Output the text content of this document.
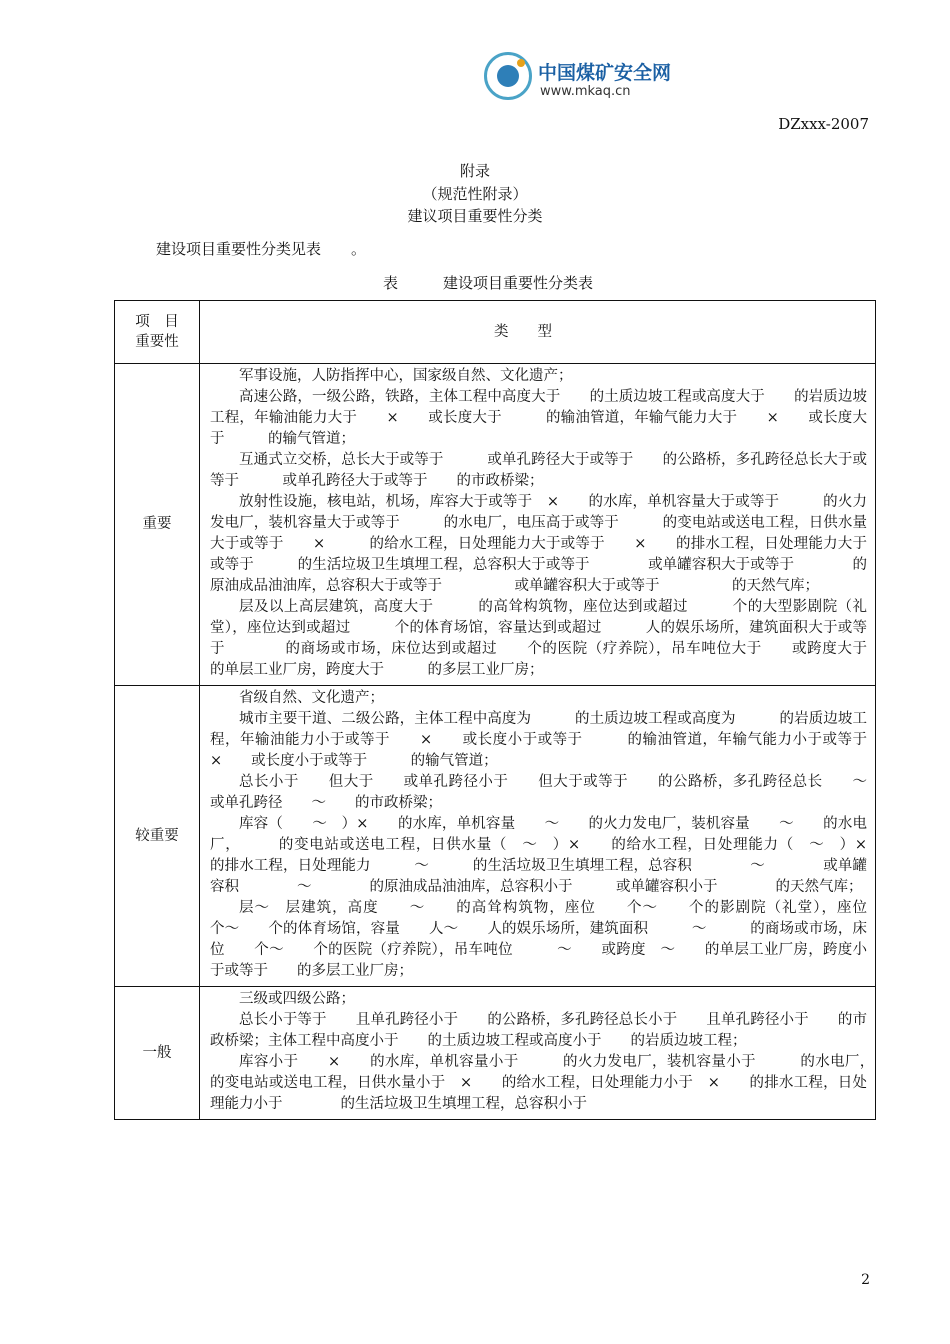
中国煤矿安全网
www.mkaq.cn
DZxxx-2007
附录
（规范性附录）
建议项目重要性分类
建设项目重要性分类见表　　。
表　　　建设项目重要性分类表
项　目
重要性	类型
重要	军事设施，人防指挥中心，国家级自然、文化遗产；

高速公路，一级公路，铁路，主体工程中高度大于　　的土质边坡工程或高度大于　　的岩质边坡工程，年输油能力大于　　×　　或长度大于　　　的输油管道，年输气能力大于　　×　　或长度大于　　　的输气管道；

互通式立交桥，总长大于或等于　　　或单孔跨径大于或等于　　的公路桥，多孔跨径总长大于或等于　　　或单孔跨径大于或等于　　的市政桥梁；

放射性设施，核电站，机场，库容大于或等于　×　　的水库，单机容量大于或等于　　　的火力发电厂，装机容量大于或等于　　　的水电厂，电压高于或等于　　　的变电站或送电工程，日供水量大于或等于　　×　　　的给水工程，日处理能力大于或等于　　×　　的排水工程，日处理能力大于或等于　　　的生活垃圾卫生填埋工程，总容积大于或等于　　　　或单罐容积大于或等于　　　　的原油成品油油库，总容积大于或等于　　　　　或单罐容积大于或等于　　　　　的天然气库；

层及以上高层建筑，高度大于　　　的高耸构筑物，座位达到或超过　　　个的大型影剧院（礼堂），座位达到或超过　　　个的体育场馆，容量达到或超过　　　人的娱乐场所，建筑面积大于或等于　　　　的商场或市场，床位达到或超过　　个的医院（疗养院），吊车吨位大于　　或跨度大于　　　的单层工业厂房，跨度大于　　　的多层工业厂房；

较重要	省级自然、文化遗产；

城市主要干道、二级公路，主体工程中高度为　　　的土质边坡工程或高度为　　　的岩质边坡工程，年输油能力小于或等于　　×　　或长度小于或等于　　　的输油管道，年输气能力小于或等于　　×　　或长度小于或等于　　　的输气管道；

总长小于　　但大于　　或单孔跨径小于　　但大于或等于　　的公路桥，多孔跨径总长　　～　　或单孔跨径　　～　　的市政桥梁；

库容（　　～　）×　　的水库，单机容量　　～　　的火力发电厂，装机容量　　～　　的水电厂，　　　的变电站或送电工程，日供水量（　～　）×　　的给水工程，日处理能力（　～　）×　　的排水工程，日处理能力　　　～　　　的生活垃圾卫生填埋工程，总容积　　　　～　　　　或单罐容积　　　　～　　　　的原油成品油油库，总容积小于　　　或单罐容积小于　　　　的天然气库；

层～　层建筑，高度　　～　　的高耸构筑物，座位　　个～　　个的影剧院（礼堂），座位　　个～　　个的体育场馆，容量　　人～　　人的娱乐场所，建筑面积　　　～　　　的商场或市场，床位　　个～　　个的医院（疗养院），吊车吨位　　　～　　或跨度　～　　的单层工业厂房，跨度小于或等于　　的多层工业厂房；

一般	三级或四级公路；

总长小于等于　　且单孔跨径小于　　的公路桥，多孔跨径总长小于　　且单孔跨径小于　　的市政桥梁；主体工程中高度小于　　的土质边坡工程或高度小于　　的岩质边坡工程；

库容小于　　×　　的水库，单机容量小于　　　的火力发电厂，装机容量小于　　　的水电厂，　　　的变电站或送电工程，日供水量小于　×　　的给水工程，日处理能力小于　×　　的排水工程，日处理能力小于　　　　的生活垃圾卫生填埋工程，总容积小于

2
